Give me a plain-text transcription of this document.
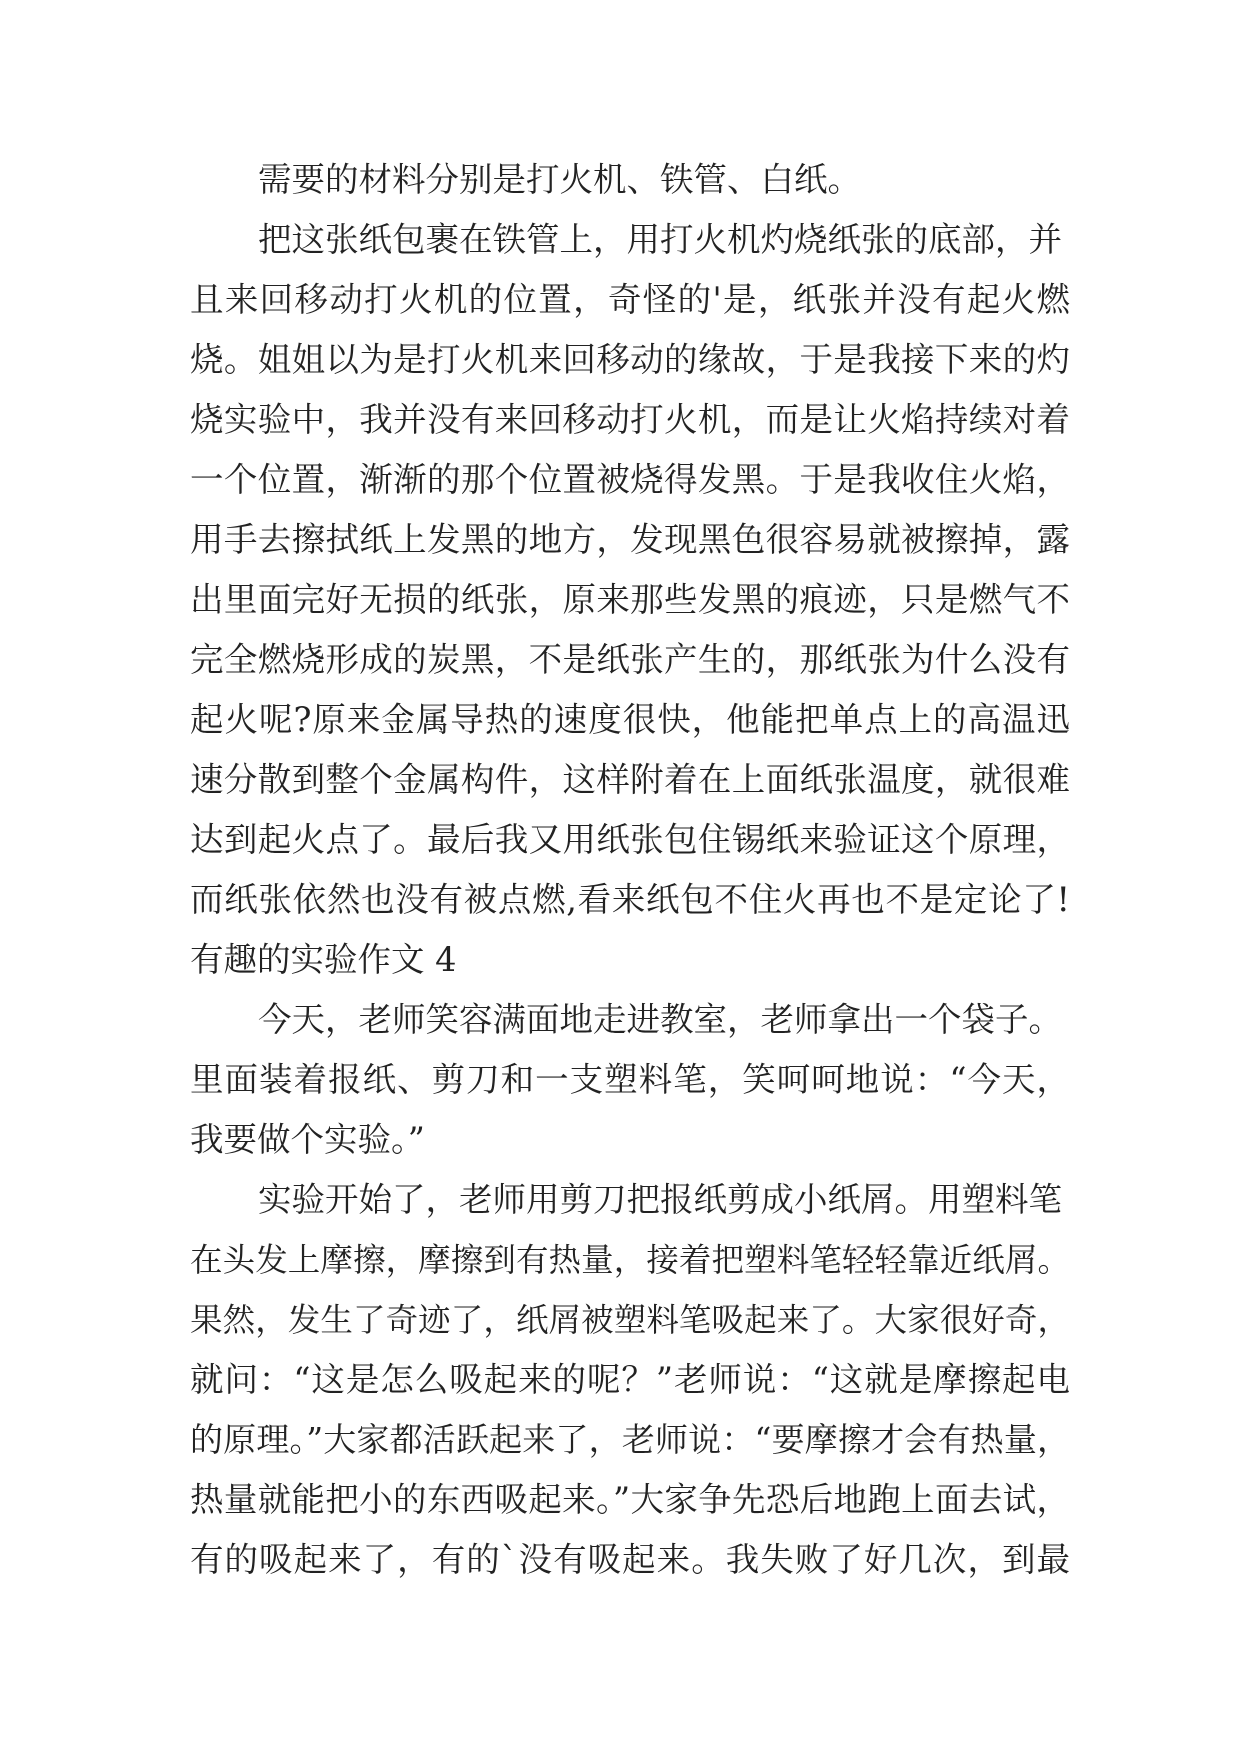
需要的材料分别是打火机、铁管、白纸。
把这张纸包裹在铁管上，用打火机灼烧纸张的底部，并
且来回移动打火机的位置，奇怪的'是，纸张并没有起火燃
烧。姐姐以为是打火机来回移动的缘故，于是我接下来的灼
烧实验中，我并没有来回移动打火机，而是让火焰持续对着
一个位置，渐渐的那个位置被烧得发黑。于是我收住火焰，
用手去擦拭纸上发黑的地方，发现黑色很容易就被擦掉，露
出里面完好无损的纸张，原来那些发黑的痕迹，只是燃气不
完全燃烧形成的炭黑，不是纸张产生的，那纸张为什么没有
起火呢?原来金属导热的速度很快，他能把单点上的高温迅
速分散到整个金属构件，这样附着在上面纸张温度，就很难
达到起火点了。最后我又用纸张包住锡纸来验证这个原理，
而纸张依然也没有被点燃,看来纸包不住火再也不是定论了!
有趣的实验作文 4
今天，老师笑容满面地走进教室，老师拿出一个袋子。
里面装着报纸、剪刀和一支塑料笔，笑呵呵地说：“今天，
我要做个实验。”
实验开始了，老师用剪刀把报纸剪成小纸屑。用塑料笔
在头发上摩擦，摩擦到有热量，接着把塑料笔轻轻靠近纸屑。
果然，发生了奇迹了，纸屑被塑料笔吸起来了。大家很好奇，
就问：“这是怎么吸起来的呢？”老师说：“这就是摩擦起电
的原理。”大家都活跃起来了，老师说：“要摩擦才会有热量，
热量就能把小的东西吸起来。”大家争先恐后地跑上面去试，
有的吸起来了，有的`没有吸起来。我失败了好几次，到最
